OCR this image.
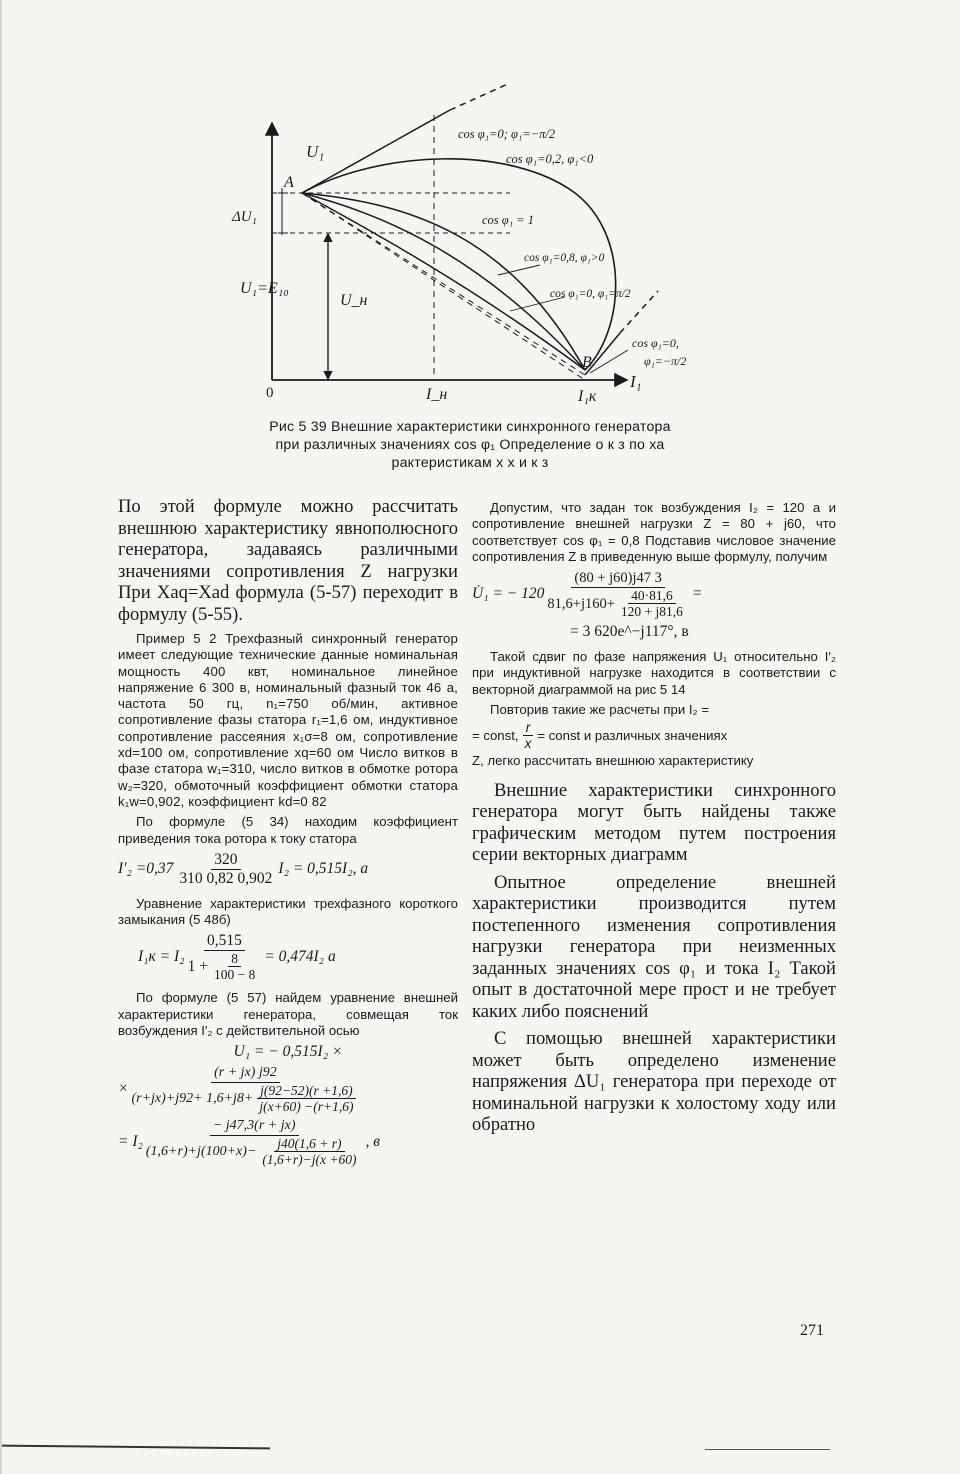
U₁
I₁
0
A
B
ΔU₁
U₁=E₁₀
U_н
I_н	I₁к
cos φ₁=0; φ₁=−π/2
cos φ₁=0,2, φ₁<0
cos φ₁ = 1
cos φ₁=0,8, φ₁>0
cos φ₁=0, φ₁=π/2
cos φ₁=0,
φ₁=−π/2
Рис 5 39 Внешние характеристики синхронного генератора
при различных значениях cos φ₁ Определение о к з по ха
рактеристикам х х и к з

По этой формуле можно рассчитать внешнюю характеристику явнополюсного генератора, задаваясь различными значениями сопротивления Z нагрузки При Xaq=Xad формула (5-57) переходит в формулу (5-55).

Пример 5 2 Трехфазный синхронный генератор имеет следующие технические данные номинальная мощность 400 квт, номинальное линейное напряжение 6 300 в, номинальный фазный ток 46 а, частота 50 гц, n₁=750 об/мин, активное сопротивление фазы статора r₁=1,6 ом, индуктивное сопротивление рассеяния x₁σ=8 ом, сопротивление xd=100 ом, сопротивление xq=60 ом Число витков в фазе статора w₁=310, число витков в обмотке ротора w₂=320, обмоточный коэффициент обмотки статора k₁w=0,902, коэффициент kd=0 82

По формуле (5 34) находим коэффициент приведения тока ротора к току статора

$I'_2 =0,37 \frac{320}{310 0,82 0,902} I_2 = 0,515I_2$, а

Уравнение характеристики трехфазного короткого замыкания (5 48б)

$I_1к = I_2 \frac{0,515}{1 + \frac{8}{100 - 8}} = 0,474I_2$ а

По формуле (5 57) найдем уравнение внешней характеристики генератора, совмещая ток возбуждения I′₂ с действительной осью

U₁ = − 0,515I₂ ×
×
(r + jx) j92
$(r+jx)+j92+ 1,6+j8+ \frac{j(92-52)(r +1,6)}{j(x+60) -(r+1,6)}$
= $I_2 \frac{- j47,3(r + jx)}{(1,6+r)+j(100+x)- \frac{j40(1,6 + r)}{(1,6+r)-j(x +60)}}$ , в

Допустим, что задан ток возбуждения I₂ = 120 а и сопротивление внешней нагрузки Z = 80 + j60, что соответствует cos φ₁ = 0,8 Подставив числовое значение сопротивления Z в приведенную выше формулу, получим

U̇₁ = − $120 \frac{(80 + j60)j47 3}{81,6+j160+ \frac{40\cdot 81,6}{120 + j81,6}}$ =
= 3 620e^−j117°, в

Такой сдвиг по фазе напряжения U₁ относительно I′₂ при индуктивной нагрузке находится в соответствии с векторной диаграммой на рис 5 14

Повторив такие же расчеты при I₂ =

= const, $\frac{r}{x}$ = const и различных значениях

Z, легко рассчитать внешнюю характеристику

Внешние характеристики синхронного генератора могут быть найдены также графическим методом путем построения серии векторных диаграмм

Опытное определение внешней характеристики производится путем постепенного изменения сопротивления нагрузки генератора при неизменных заданных значениях cos φ₁ и тока I₂ Такой опыт в достаточной мере прост и не требует каких либо пояснений

С помощью внешней характеристики может быть определено изменение напряжения ΔU₁ генератора при переходе от номинальной нагрузки к холостому ходу или обратно

271
